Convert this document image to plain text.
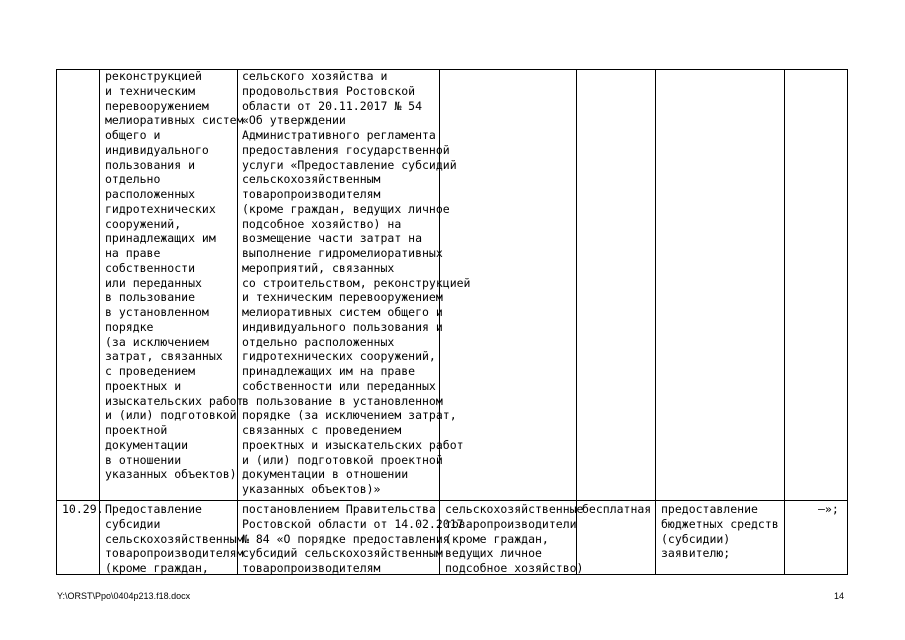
реконструкцией
и техническим
перевооружением
мелиоративных систем
общего и
индивидуального
пользования и
отдельно
расположенных
гидротехнических
сооружений,
принадлежащих им
на праве
собственности
или переданных
в пользование
в установленном
порядке
(за исключением
затрат, связанных
с проведением
проектных и
изыскательских работ
и (или) подготовкой
проектной
документации
в отношении
указанных объектов)
сельского хозяйства и
продовольствия Ростовской
области от 20.11.2017 № 54
«Об утверждении
Административного регламента
предоставления государственной
услуги «Предоставление субсидий
сельскохозяйственным
товаропроизводителям
(кроме граждан, ведущих личное
подсобное хозяйство) на
возмещение части затрат на
выполнение гидромелиоративных
мероприятий, связанных
со строительством, реконструкцией
и техническим перевооружением
мелиоративных систем общего и
индивидуального пользования и
отдельно расположенных
гидротехнических сооружений,
принадлежащих им на праве
собственности или переданных
в пользование в установленном
порядке (за исключением затрат,
связанных с проведением
проектных и изыскательских работ
и (или) подготовкой проектной
документации в отношении
указанных объектов)»
10.29. Предоставление
субсидии
сельскохозяйственным
товаропроизводителям
(кроме граждан,
постановлением Правительства
Ростовской области от 14.02.2017
№ 84 «О порядке предоставления
субсидий сельскохозяйственным
товаропроизводителям
сельскохозяйственные
товаропроизводители
(кроме граждан,
ведущих личное
подсобное хозяйство)
бесплатная предоставление
бюджетных средств
(субсидии)
заявителю;
–»;
Y:\ORST\Ppo\0404p213.f18.docx	14
